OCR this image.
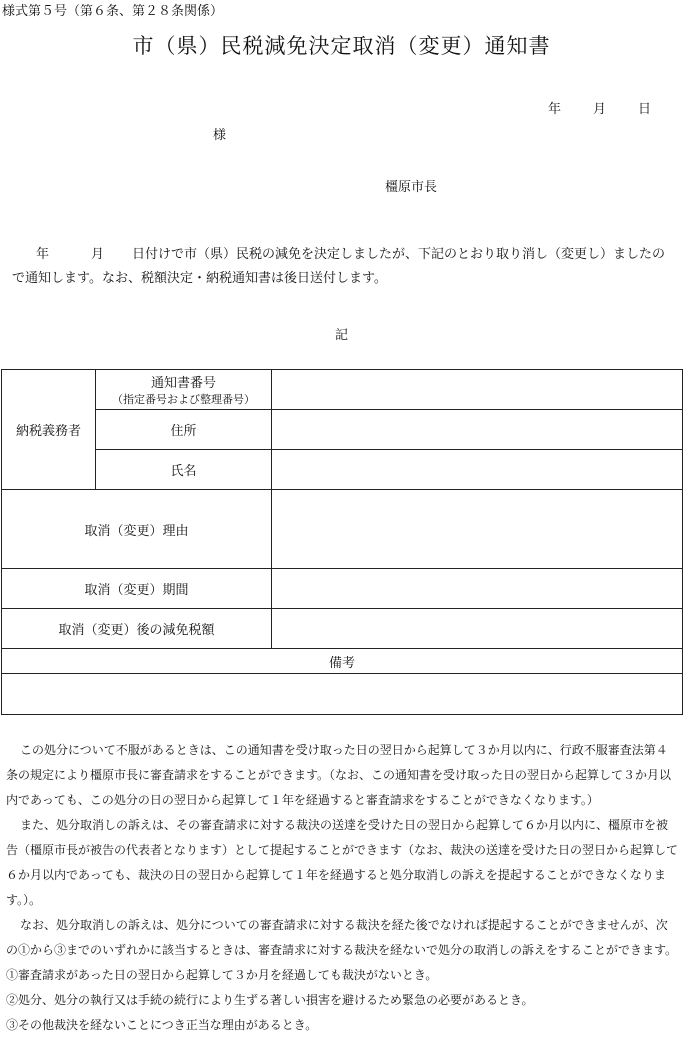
様式第５号（第６条、第２８条関係）
市（県）民税減免決定取消（変更）通知書
年 月 日
様
橿原市長
年	月 日付けで市（県）民税の減免を決定しましたが、下記のとおり取り消し（変更し）ましたので通知します。なお、税額決定・納税通知書は後日送付します。
記
納税義務者	通知書番号
（指定番号および整理番号）	

	住所	
	氏名	
取消（変更）理由		
取消（変更）期間		
取消（変更）後の減免税額		
備考		

この処分について不服があるときは、この通知書を受け取った日の翌日から起算して３か月以内に、行政不服審査法第４条の規定により橿原市長に審査請求をすることができます。（なお、この通知書を受け取った日の翌日から起算して３か月以内であっても、この処分の日の翌日から起算して１年を経過すると審査請求をすることができなくなります。）

また、処分取消しの訴えは、その審査請求に対する裁決の送達を受けた日の翌日から起算して６か月以内に、橿原市を被告（橿原市長が被告の代表者となります）として提起することができます（なお、裁決の送達を受けた日の翌日から起算して６か月以内であっても、裁決の日の翌日から起算して１年を経過すると処分取消しの訴えを提起することができなくなります。）。

なお、処分取消しの訴えは、処分についての審査請求に対する裁決を経た後でなければ提起することができませんが、次の①から③までのいずれかに該当するときは、審査請求に対する裁決を経ないで処分の取消しの訴えをすることができます。

①審査請求があった日の翌日から起算して３か月を経過しても裁決がないとき。

②処分、処分の執行又は手続の続行により生ずる著しい損害を避けるため緊急の必要があるとき。

③その他裁決を経ないことにつき正当な理由があるとき。
